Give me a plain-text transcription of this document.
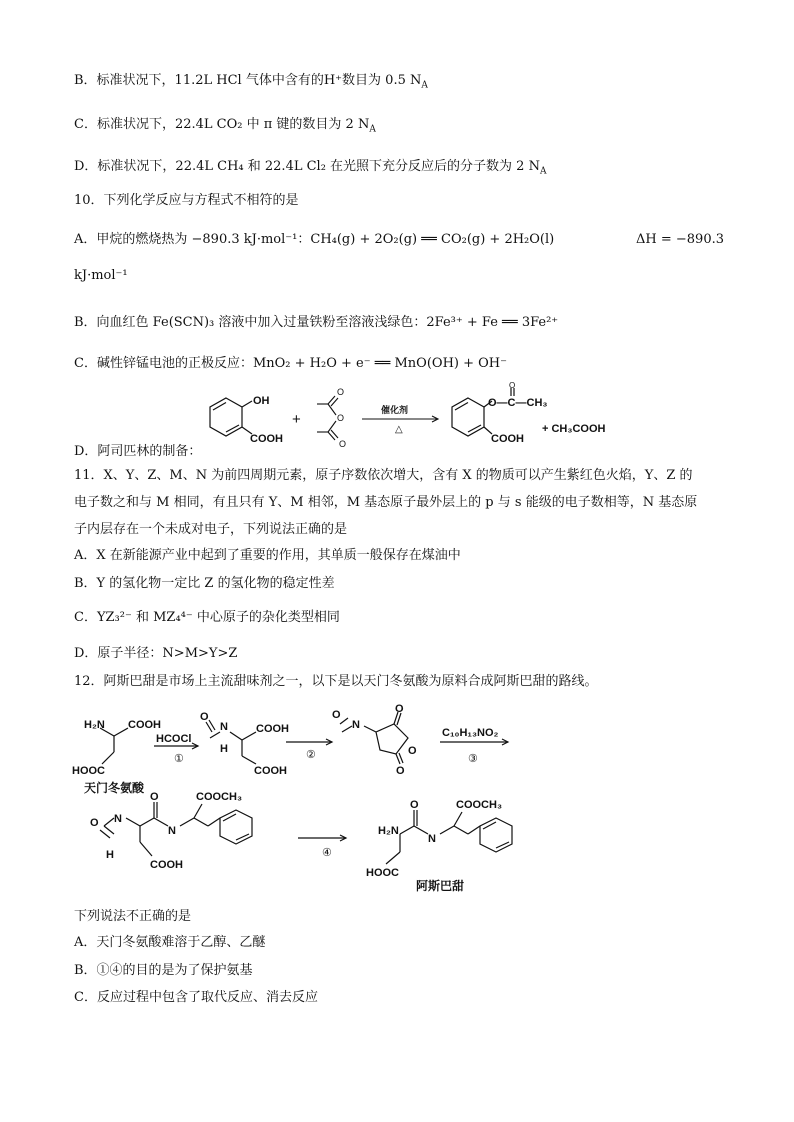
B．标准状况下，11.2L HCl 气体中含有的H⁺数目为 0.5 $N_A$
C．标准状况下，22.4L CO₂ 中 π 键的数目为 2 $N_A$
D．标准状况下，22.4L CH₄ 和 22.4L Cl₂ 在光照下充分反应后的分子数为 2 $N_A$
10．下列化学反应与方程式不相符的是
A．甲烷的燃烧热为 −890.3 kJ·mol⁻¹：CH₄(g) + 2O₂(g) ══ CO₂(g) + 2H₂O(l)	ΔH = −890.3
kJ·mol⁻¹
B．向血红色 Fe(SCN)₃ 溶液中加入过量铁粉至溶液浅绿色：2Fe³⁺ + Fe ══ 3Fe²⁺
C．碱性锌锰电池的正极反应：MnO₂ + H₂O + e⁻ ══ MnO(OH) + OH⁻
D．阿司匹林的制备：
OH
COOH
+
O
O
O
催化剂
△
O
O—C—CH₃
COOH
+ CH₃COOH
11．X、Y、Z、M、N 为前四周期元素，原子序数依次增大，含有 X 的物质可以产生紫红色火焰，Y、Z 的
电子数之和与 M 相同，有且只有 Y、M 相邻，M 基态原子最外层上的 p 与 s 能级的电子数相等，N 基态原
子内层存在一个未成对电子，下列说法正确的是
A．X 在新能源产业中起到了重要的作用，其单质一般保存在煤油中
B．Y 的氢化物一定比 Z 的氢化物的稳定性差
C．YZ₃²⁻ 和 MZ₄⁴⁻ 中心原子的杂化类型相同
D．原子半径：N>M>Y>Z
12．阿斯巴甜是市场上主流甜味剂之一，以下是以天门冬氨酸为原料合成阿斯巴甜的路线。
H₂N COOH
HOOC
天门冬氨酸
HCOCl
①
O
N
H
COOH
COOH
②
O
N
O
O
O
C₁₀H₁₃NO₂
③
O N
H
O
N
COOCH₃
COOH
④
H₂N
O
N
COOCH₃
HOOC
阿斯巴甜
下列说法不正确的是
A．天门冬氨酸难溶于乙醇、乙醚
B．①④的目的是为了保护氨基
C．反应过程中包含了取代反应、消去反应
